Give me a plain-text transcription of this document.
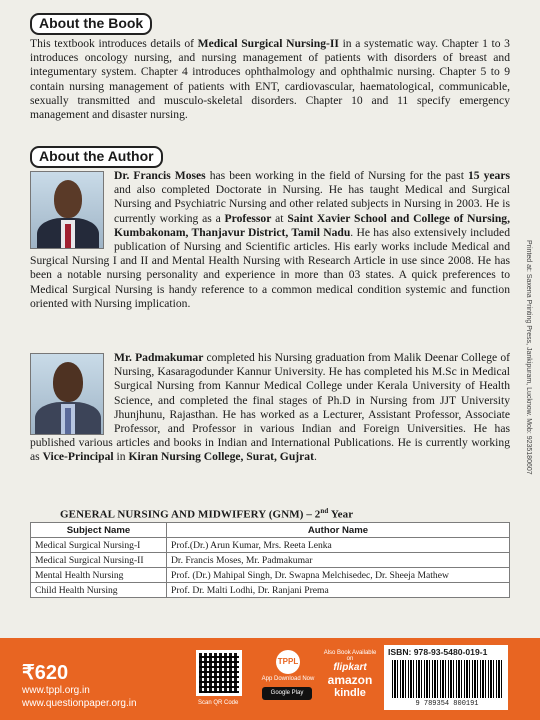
About the Book
This textbook introduces details of Medical Surgical Nursing-II in a systematic way. Chapter 1 to 3 introduces oncology nursing, and nursing management of patients with disorders of breast and integumentary system. Chapter 4 introduces ophthalmology and ophthalmic nursing. Chapter 5 to 9 contain nursing management of patients with ENT, cardiovascular, haematological, communicable, sexually transmitted and musculo-skeletal disorders. Chapter 10 and 11 specify emergency management and disaster nursing.
About the Author
Dr. Francis Moses has been working in the field of Nursing for the past 15 years and also completed Doctorate in Nursing. He has taught Medical and Surgical Nursing and Psychiatric Nursing and other related subjects in Nursing in 2003. He is currently working as a Professor at Saint Xavier School and College of Nursing, Kumbakonam, Thanjavur District, Tamil Nadu. He has also extensively included publication of Nursing and Scientific articles. His early works include Medical and Surgical Nursing I and II and Mental Health Nursing with Research Article in use since 2008. He has been a notable nursing personality and experience in more than 03 states. A quick preferences to Medical Surgical Nursing is handy reference to a common medical condition systemic and function oriented with Nursing implication.
Mr. Padmakumar completed his Nursing graduation from Malik Deenar College of Nursing, Kasaragodunder Kannur University. He has completed his M.Sc in Medical Surgical Nursing from Kannur Medical College under Kerala University of Health Science, and completed the final stages of Ph.D in Nursing from JJT University Jhunjhunu, Rajasthan. He has worked as a Lecturer, Assistant Professor, Associate Professor, and Professor in various Indian and Foreign Universities. He has published various articles and books in Indian and International Publications. He is currently working as Vice-Principal in Kiran Nursing College, Surat, Gujrat.	Printed at: Saxena Printing Press, Jankipuram, Lucknow. Mob: 9235180607
GENERAL NURSING AND MIDWIFERY (GNM) – 2nd Year
Subject Name	Author Name
Medical Surgical Nursing-I	Prof.(Dr.) Arun Kumar, Mrs. Reeta Lenka
Medical Surgical Nursing-II	Dr. Francis Moses, Mr. Padmakumar
Mental Health Nursing	Prof. (Dr.) Mahipal Singh, Dr. Swapna Melchisedec, Dr. Sheeja Mathew
Child Health Nursing	Prof. Dr. Malti Lodhi, Dr. Ranjani Prema
₹620
www.tppl.org.in
www.questionpaper.org.in	Scan QR Code
TPPL
App Download Now
Google Play
Also Book Available on
flipkart
amazon
kindle
ISBN: 978-93-5480-019-1
9 789354 800191
